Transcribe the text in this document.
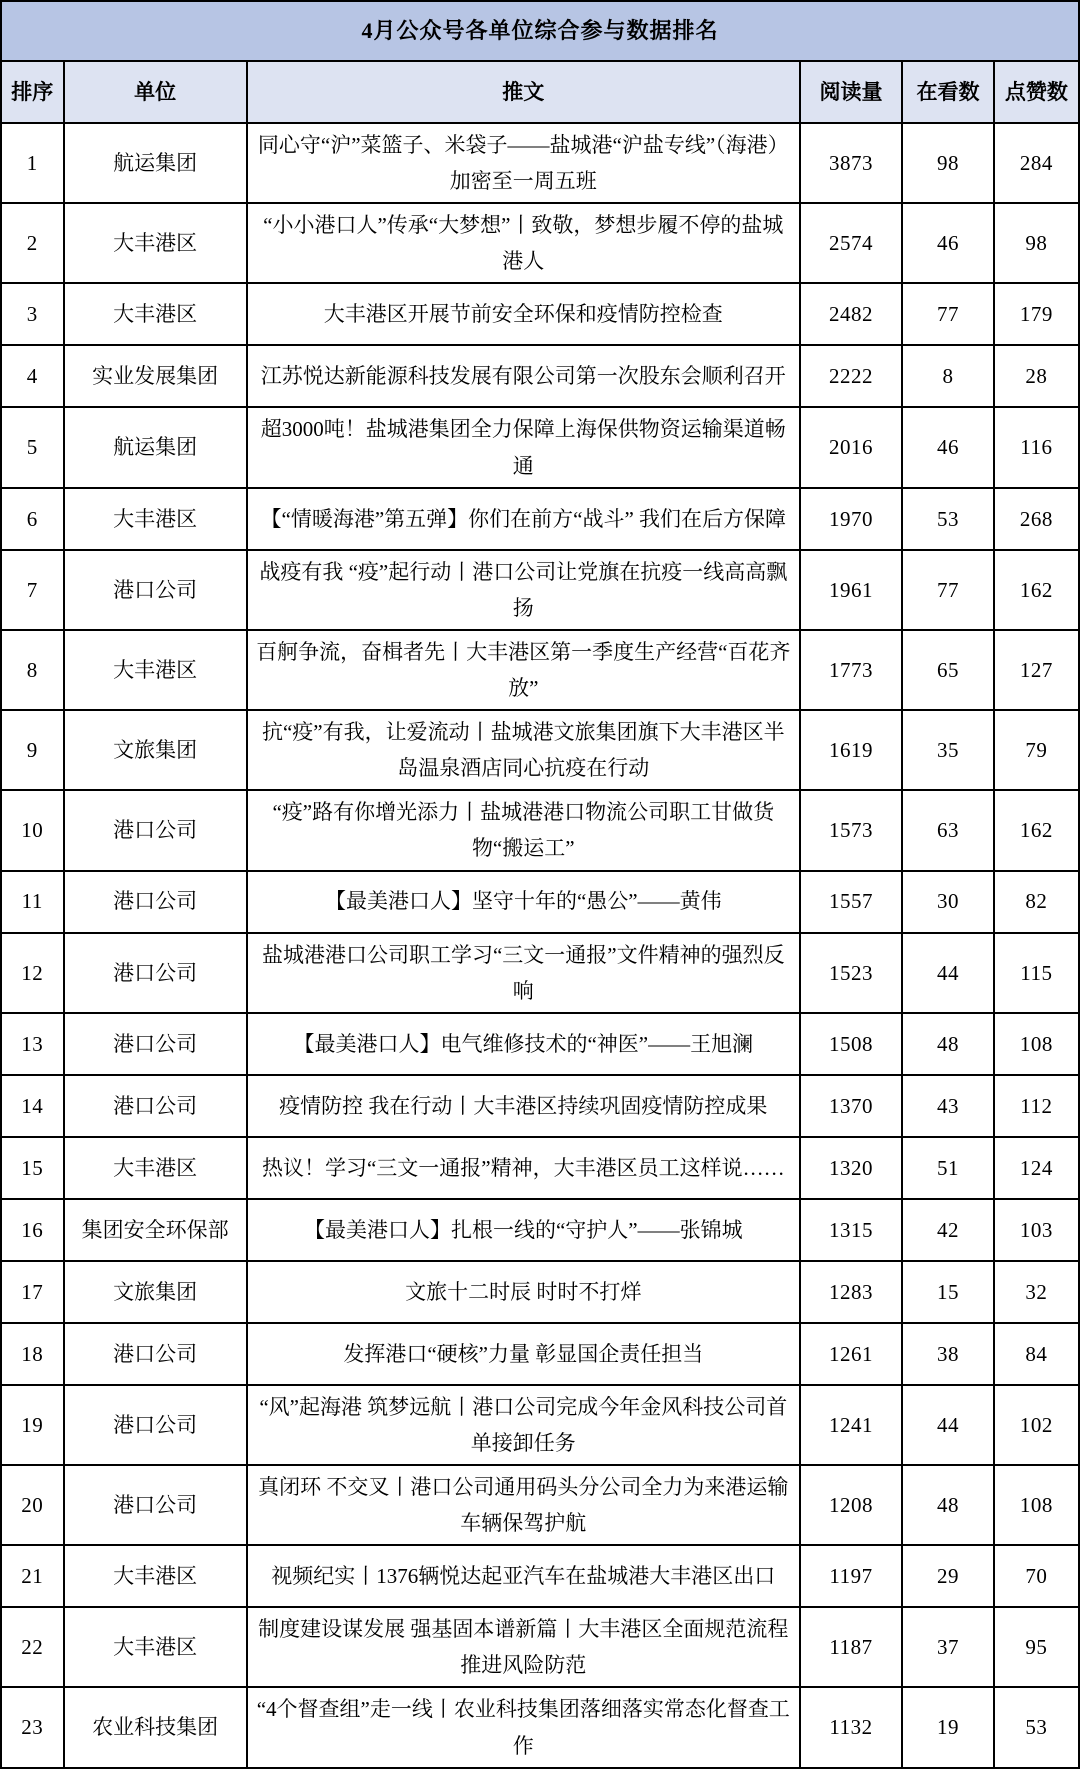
4月公众号各单位综合参与数据排名					
排序	单位	推文	阅读量	在看数	点赞数
1	航运集团	同心守“沪”菜篮子、米袋子——盐城港“沪盐专线”（海港）加密至一周五班	3873	98	284
2	大丰港区	“小小港口人”传承“大梦想”丨致敬，梦想步履不停的盐城港人	2574	46	98
3	大丰港区	大丰港区开展节前安全环保和疫情防控检查	2482	77	179
4	实业发展集团	江苏悦达新能源科技发展有限公司第一次股东会顺利召开	2222	8	28
5	航运集团	超3000吨！盐城港集团全力保障上海保供物资运输渠道畅通	2016	46	116
6	大丰港区	【“情暖海港”第五弹】你们在前方“战斗” 我们在后方保障	1970	53	268
7	港口公司	战疫有我 “疫”起行动丨港口公司让党旗在抗疫一线高高飘扬	1961	77	162
8	大丰港区	百舸争流，奋楫者先丨大丰港区第一季度生产经营“百花齐放”	1773	65	127
9	文旅集团	抗“疫”有我，让爱流动丨盐城港文旅集团旗下大丰港区半岛温泉酒店同心抗疫在行动	1619	35	79
10	港口公司	“疫”路有你增光添力丨盐城港港口物流公司职工甘做货物“搬运工”	1573	63	162
11	港口公司	【最美港口人】坚守十年的“愚公”——黄伟	1557	30	82
12	港口公司	盐城港港口公司职工学习“三文一通报”文件精神的强烈反响	1523	44	115
13	港口公司	【最美港口人】电气维修技术的“神医”——王旭澜	1508	48	108
14	港口公司	疫情防控 我在行动丨大丰港区持续巩固疫情防控成果	1370	43	112
15	大丰港区	热议！学习“三文一通报”精神，大丰港区员工这样说……	1320	51	124
16	集团安全环保部	【最美港口人】扎根一线的“守护人”——张锦城	1315	42	103
17	文旅集团	文旅十二时辰 时时不打烊	1283	15	32
18	港口公司	发挥港口“硬核”力量 彰显国企责任担当	1261	38	84
19	港口公司	“风”起海港 筑梦远航丨港口公司完成今年金风科技公司首单接卸任务	1241	44	102
20	港口公司	真闭环 不交叉丨港口公司通用码头分公司全力为来港运输车辆保驾护航	1208	48	108
21	大丰港区	视频纪实丨1376辆悦达起亚汽车在盐城港大丰港区出口	1197	29	70
22	大丰港区	制度建设谋发展 强基固本谱新篇丨大丰港区全面规范流程推进风险防范	1187	37	95
23	农业科技集团	“4个督查组”走一线丨农业科技集团落细落实常态化督查工作	1132	19	53
